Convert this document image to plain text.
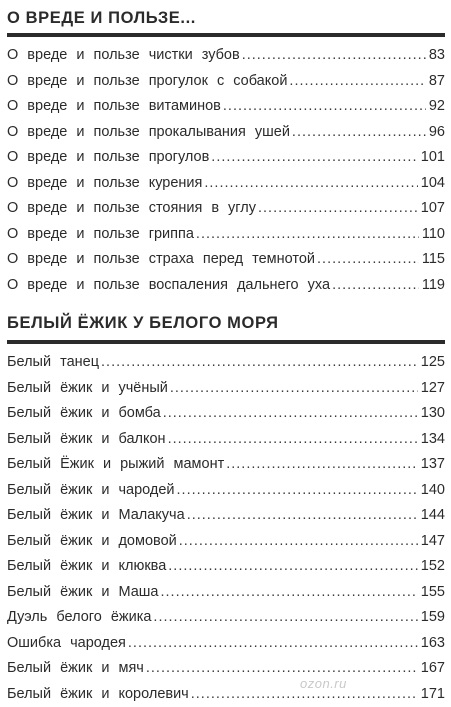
О ВРЕДЕ И ПОЛЬЗЕ...
О вреде и пользе чистки зубов .....	83
О вреде и пользе прогулок с собакой .....	87
О вреде и пользе витаминов .....	92
О вреде и пользе прокалывания ушей .....	96
О вреде и пользе прогулов .....	101
О вреде и пользе курения .....	104
О вреде и пользе стояния в углу .....	107
О вреде и пользе гриппа .....	110
О вреде и пользе страха перед темнотой .....	115
О вреде и пользе воспаления дальнего уха .....	119
БЕЛЫЙ ЁЖИК У БЕЛОГО МОРЯ
Белый танец .....	125
Белый ёжик и учёный .....	127
Белый ёжик и бомба .....	130
Белый ёжик и балкон .....	134
Белый Ёжик и рыжий мамонт .....	137
Белый ёжик и чародей .....	140
Белый ёжик и Малакуча .....	144
Белый ёжик и домовой .....	147
Белый ёжик и клюква .....	152
Белый ёжик и Маша .....	155
Дуэль белого ёжика .....	159
Ошибка чародея .....	163
Белый ёжик и мяч .....	167
Белый ёжик и королевич .....	171
ozon.ru
